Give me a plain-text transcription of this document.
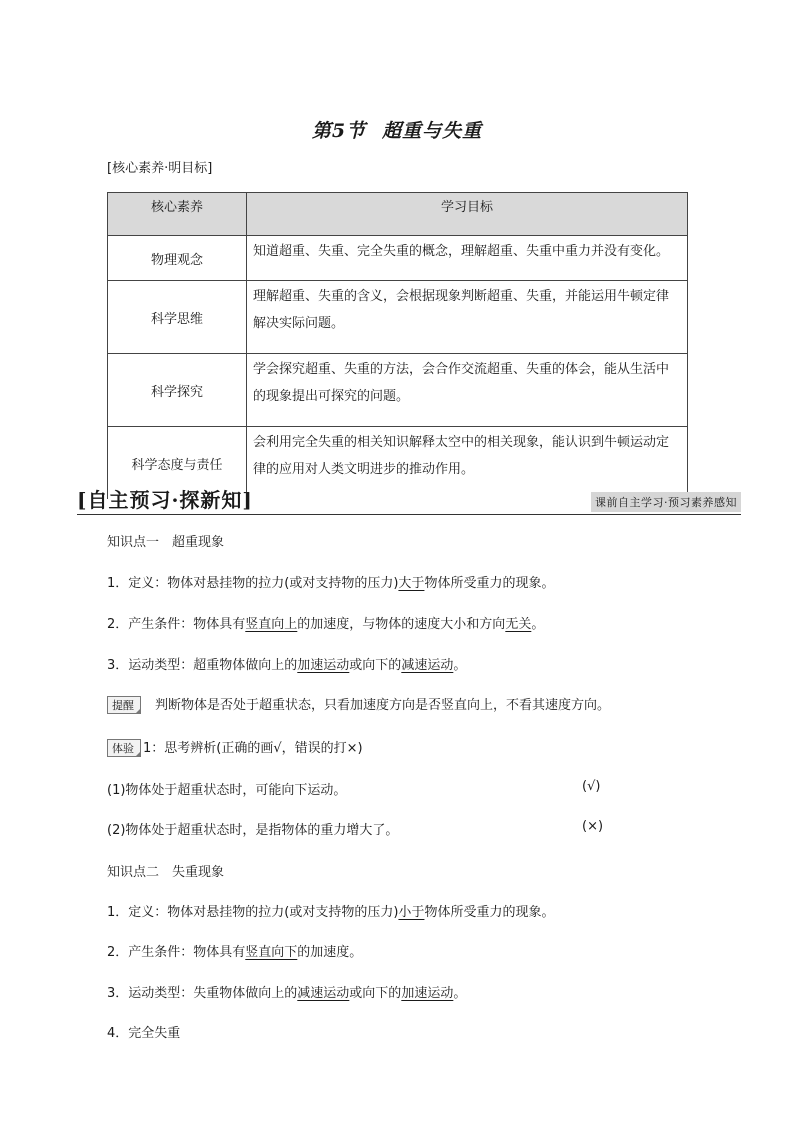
第5节 超重与失重
[核心素养·明目标]
核心素养	学习目标
物理观念	知道超重、失重、完全失重的概念，理解超重、失重中重力并没有变化。
科学思维	理解超重、失重的含义，会根据现象判断超重、失重，并能运用牛顿定律解决实际问题。
科学探究	学会探究超重、失重的方法，会合作交流超重、失重的体会，能从生活中的现象提出可探究的问题。
科学态度与责任	会利用完全失重的相关知识解释太空中的相关现象，能认识到牛顿运动定律的应用对人类文明进步的推动作用。
[自主预习·探新知]	课前自主学习·预习素养感知
知识点一　超重现象
1．定义：物体对悬挂物的拉力(或对支持物的压力)大于物体所受重力的现象。
2．产生条件：物体具有竖直向上的加速度，与物体的速度大小和方向无关。
3．运动类型：超重物体做向上的加速运动或向下的减速运动。
提醒 判断物体是否处于超重状态，只看加速度方向是否竖直向上，不看其速度方向。
体验 1：思考辨析(正确的画√，错误的打×)
(1)物体处于超重状态时，可能向下运动。	(√)
(2)物体处于超重状态时，是指物体的重力增大了。	(×)
知识点二　失重现象
1．定义：物体对悬挂物的拉力(或对支持物的压力)小于物体所受重力的现象。
2．产生条件：物体具有竖直向下的加速度。
3．运动类型：失重物体做向上的减速运动或向下的加速运动。
4．完全失重
